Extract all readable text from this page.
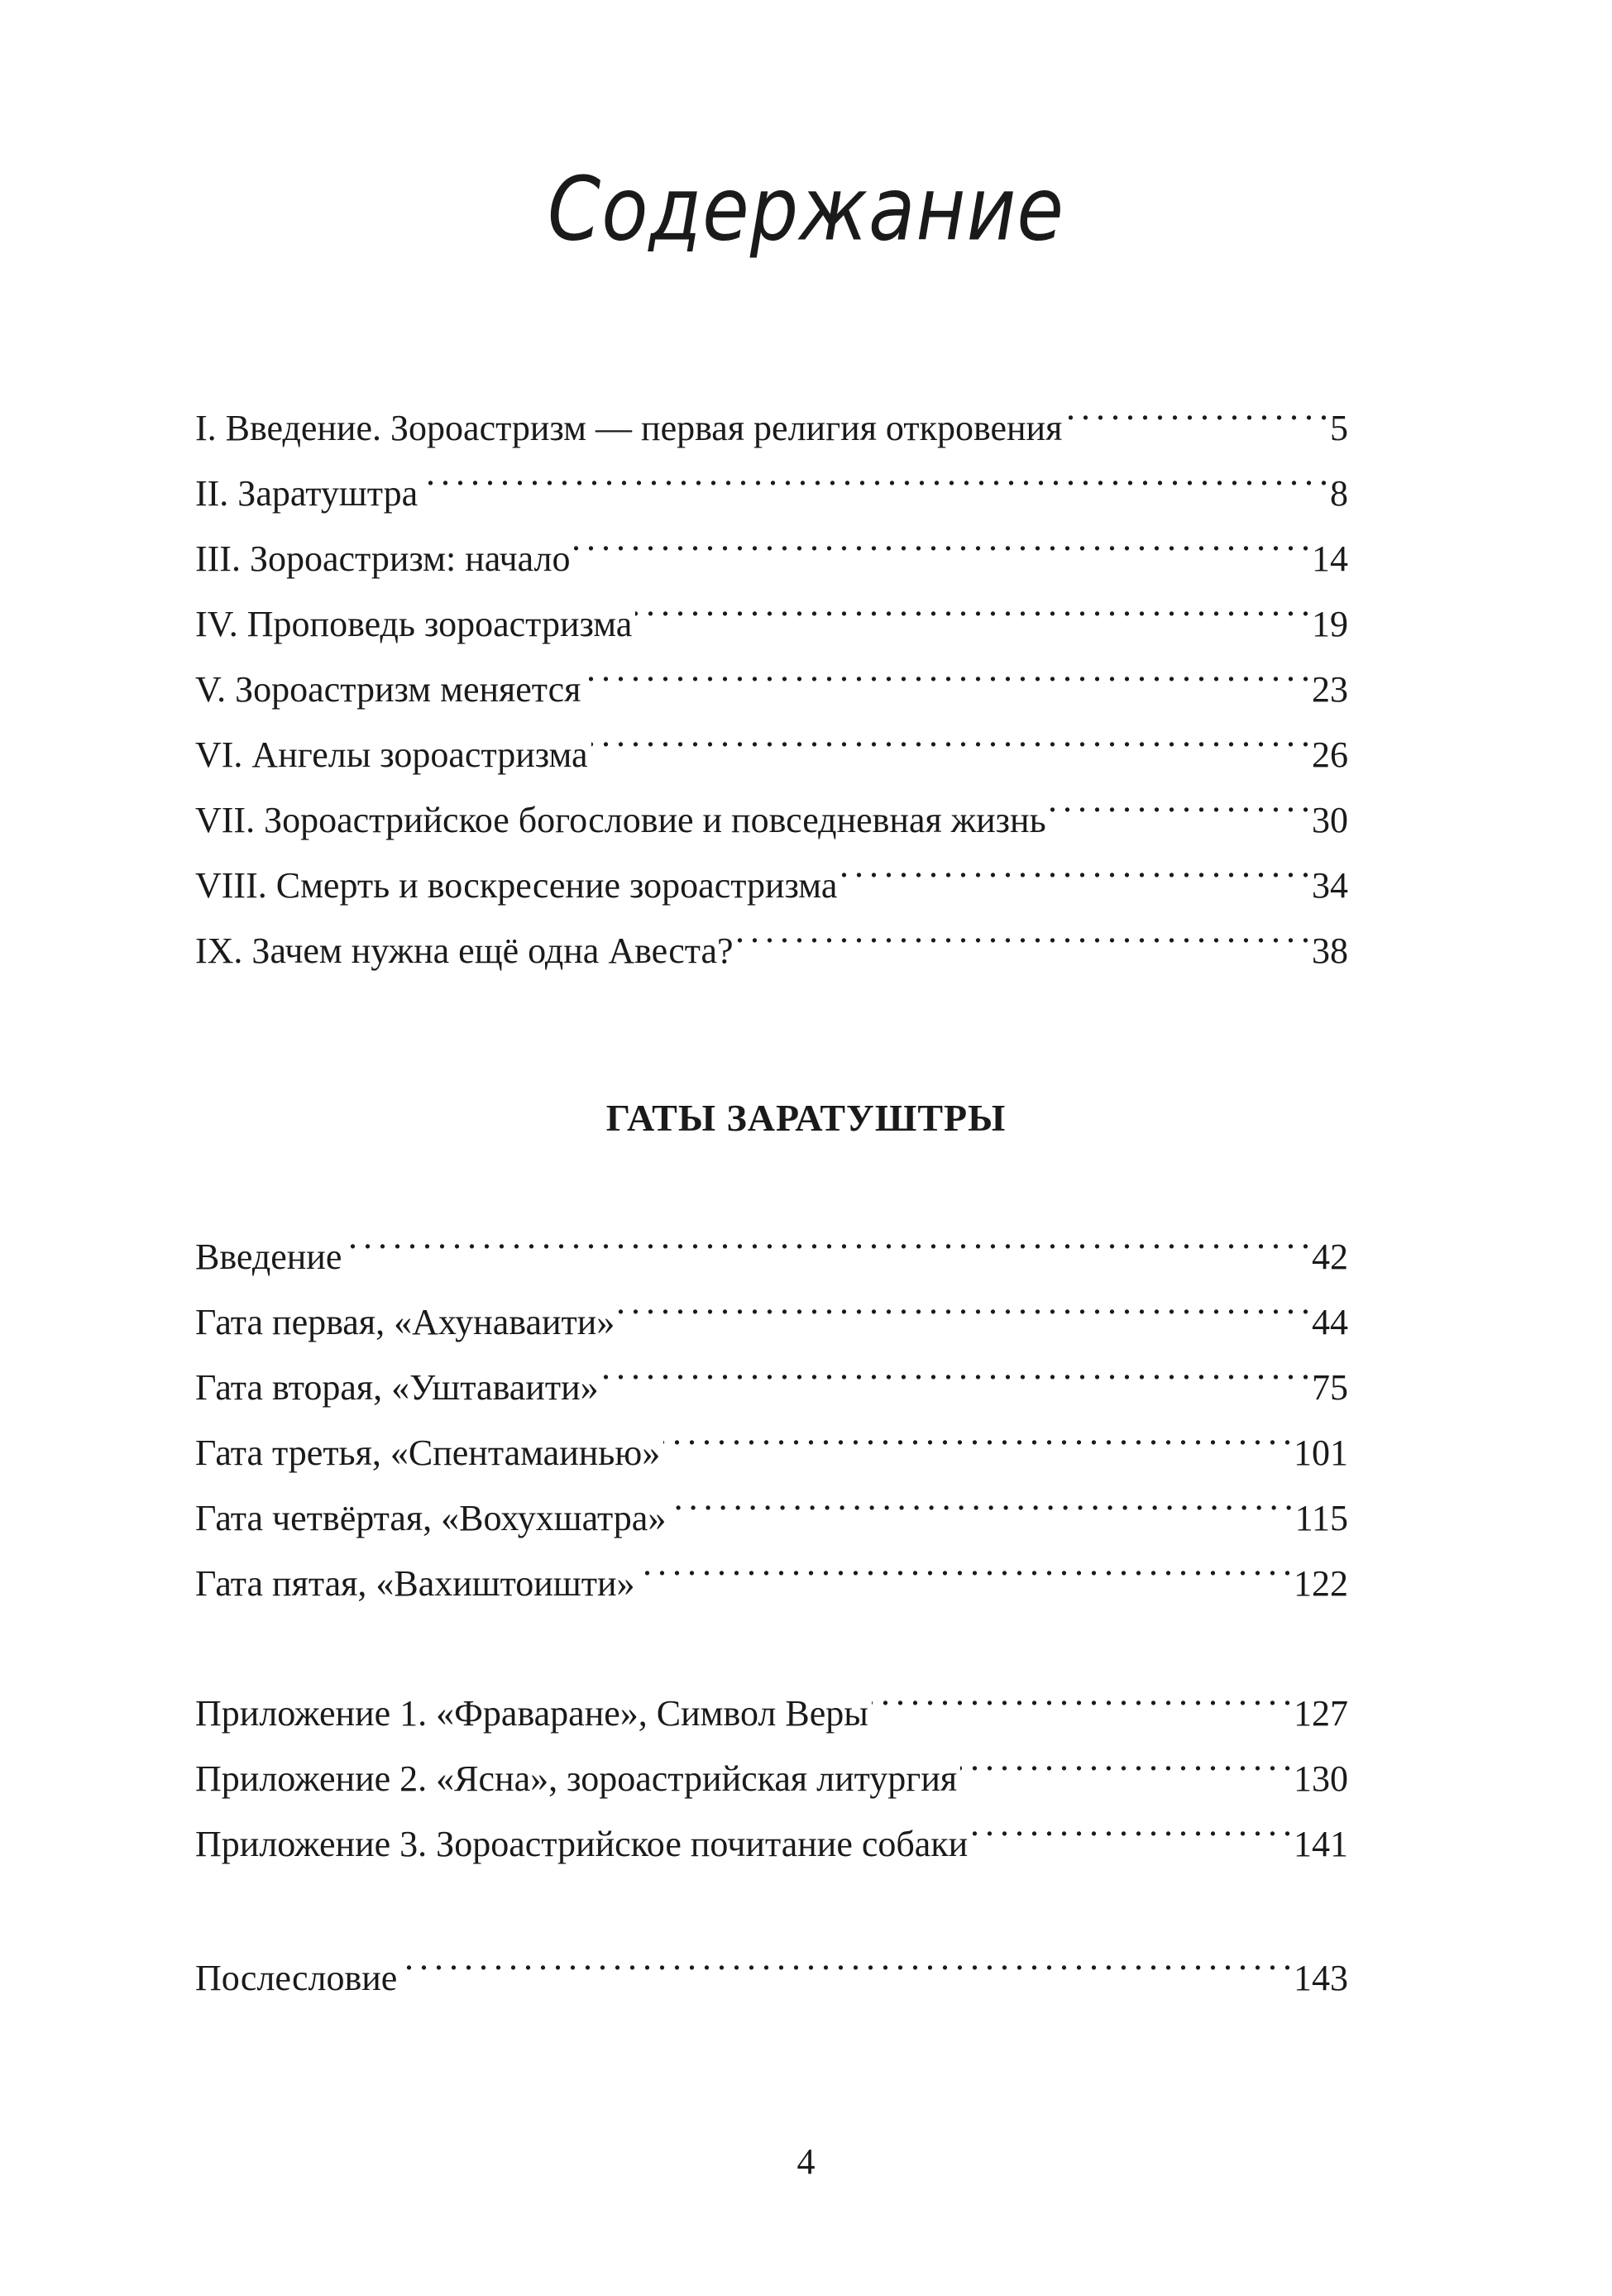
Содержание
I. Введение. Зороастризм — первая религия откровения . . .	5
II. Заратуштра . . .	8
III. Зороастризм: начало . . .	14
IV. Проповедь зороастризма . . .	19
V. Зороастризм меняется . . .	23
VI. Ангелы зороастризма . . .	26
VII. Зороастрийское богословие и повседневная жизнь . . .	30
VIII. Смерть и воскресение зороастризма . . .	34
IX. Зачем нужна ещё одна Авеста? . . .	38
ГАТЫ ЗАРАТУШТРЫ
Введение . . .	42
Гата первая, «Ахунаваити» . . .	44
Гата вторая, «Уштаваити» . . .	75
Гата третья, «Спентамаинью» . . .	101
Гата четвёртая, «Вохухшатра» . . .	115
Гата пятая, «Вахиштоишти» . . .	122
Приложение 1. «Фраваране», Символ Веры . . .	127
Приложение 2. «Ясна», зороастрийская литургия . . .	130
Приложение 3. Зороастрийское почитание собаки . . .	141
Послесловие . . .	143
4
